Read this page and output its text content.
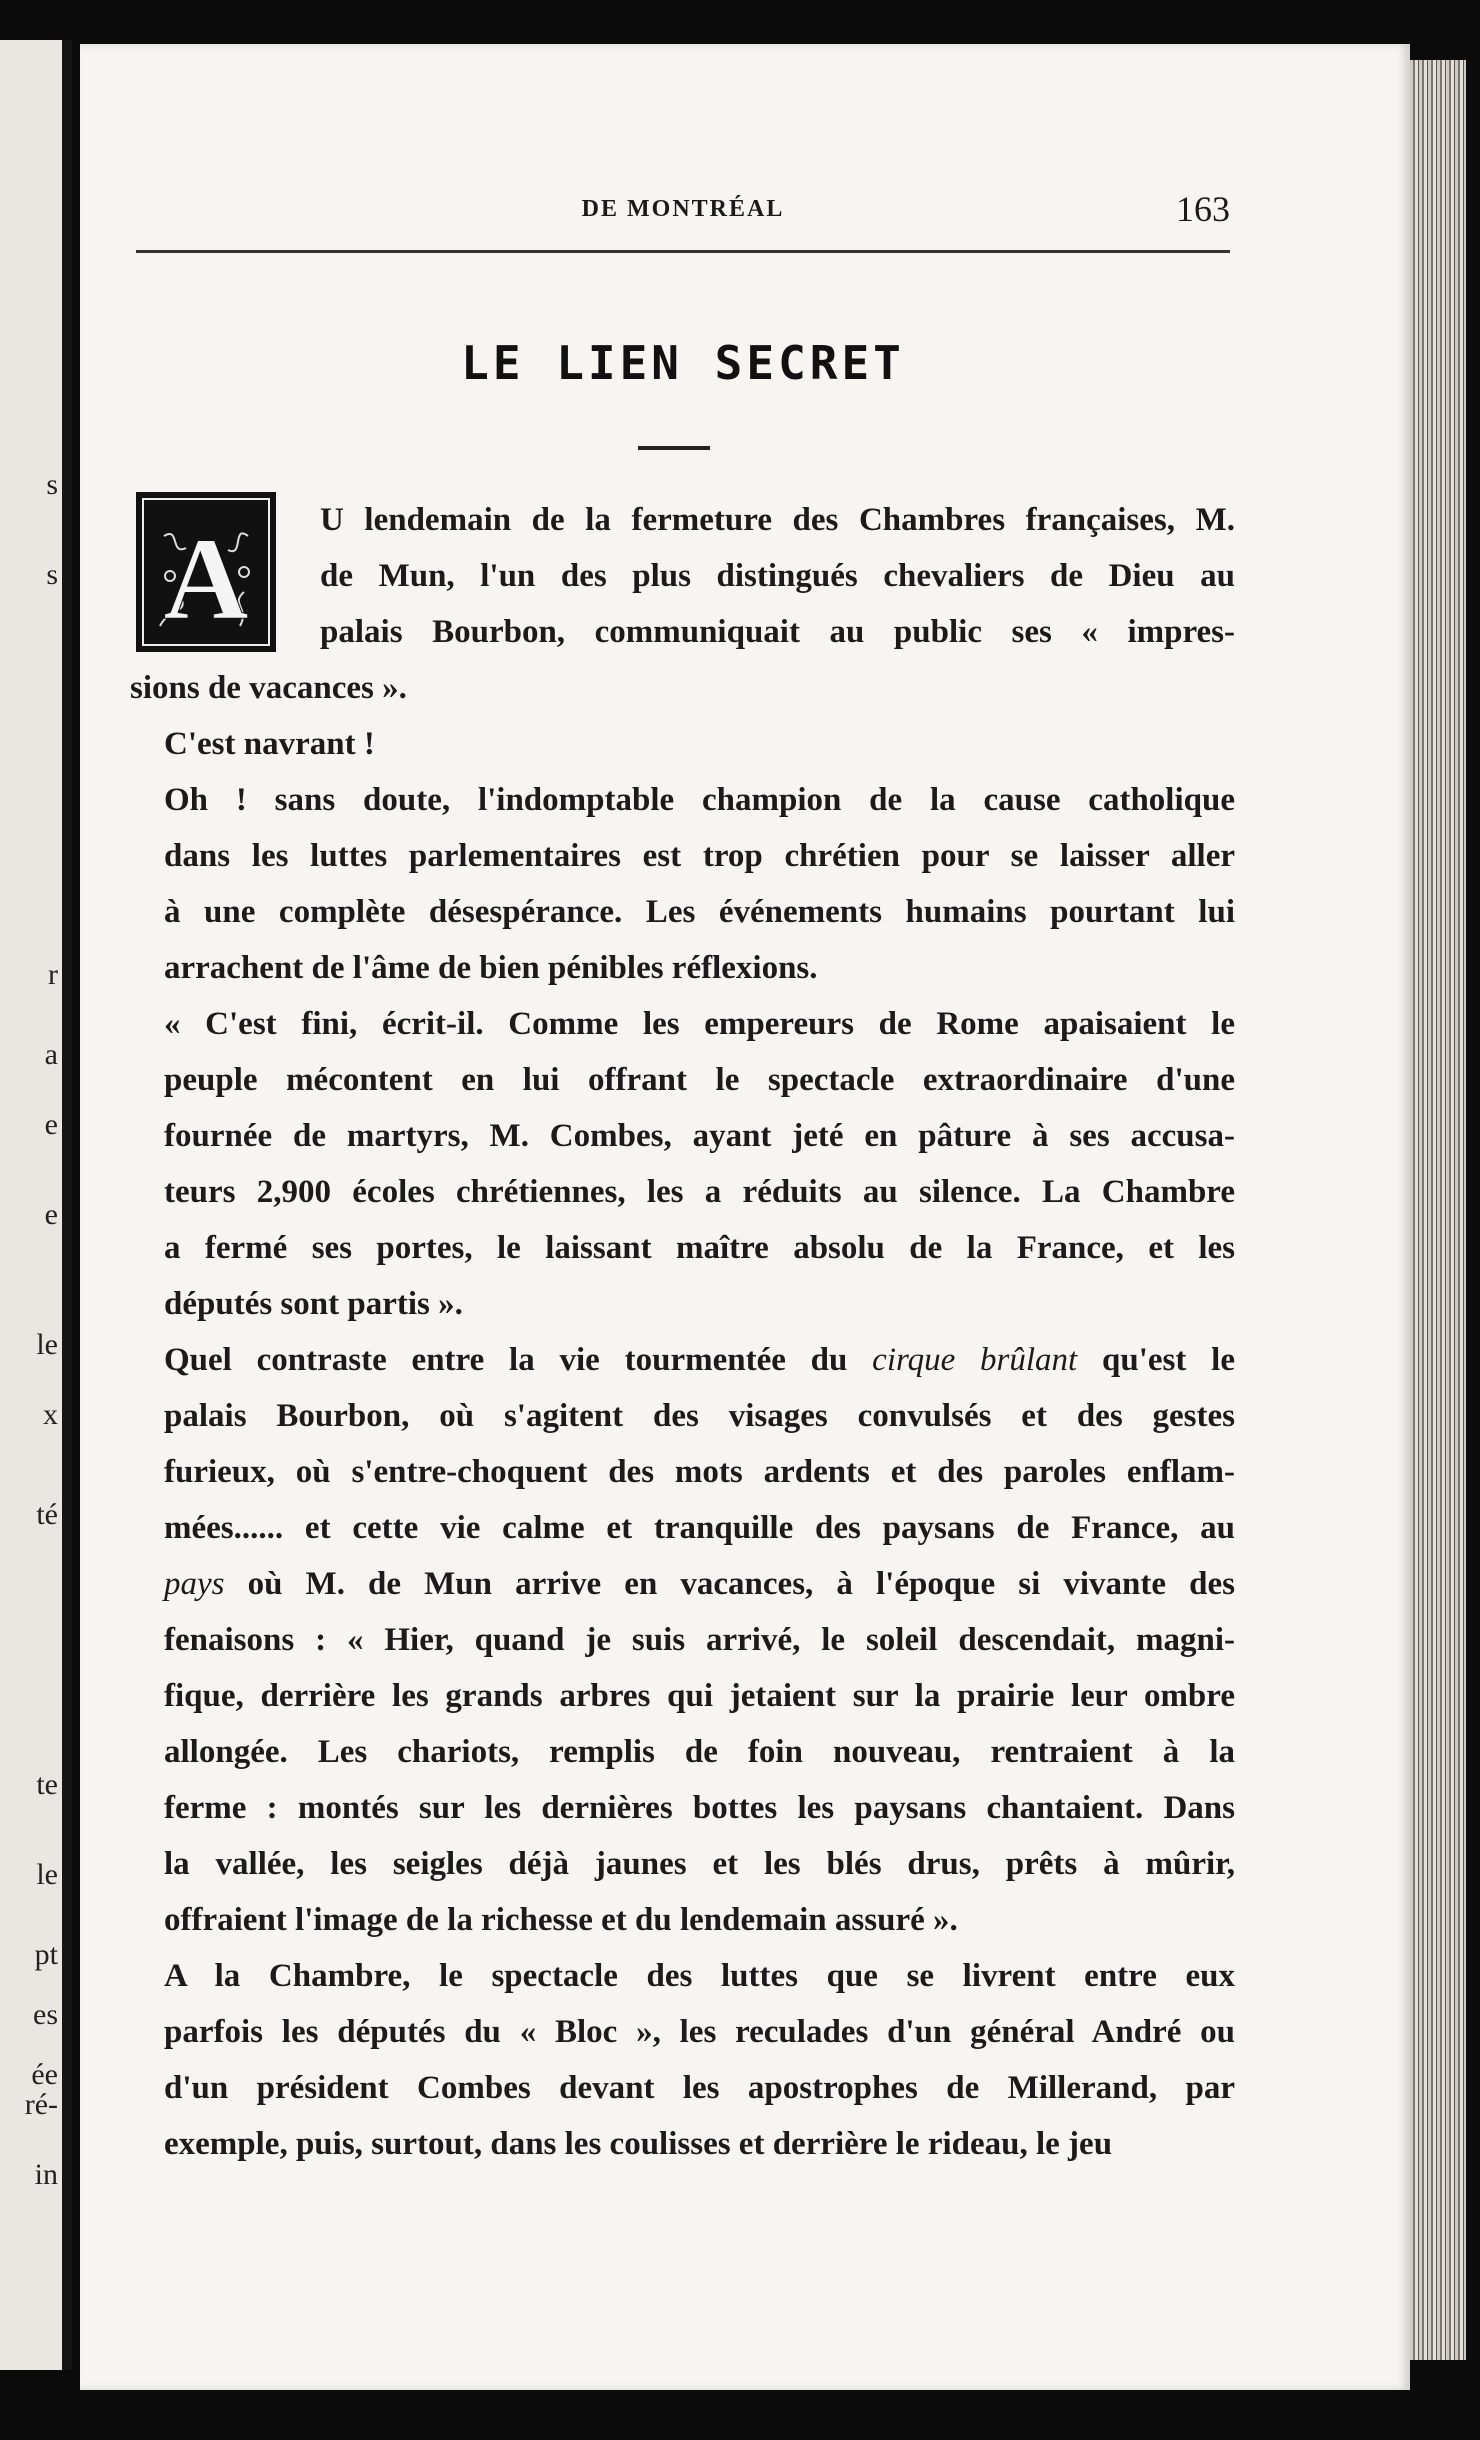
DE MONTRÉAL	163
LE LIEN SECRET
A	U lendemain de la fermeture des Chambres françaises, M.
de Mun, l'un des plus distingués chevaliers de Dieu au
palais Bourbon, communiquait au public ses « impres-
sions de vacances ».

C'est navrant !

Oh ! sans doute, l'indomptable champion de la cause catholique
dans les luttes parlementaires est trop chrétien pour se laisser aller
à une complète désespérance. Les événements humains pourtant lui
arrachent de l'âme de bien pénibles réflexions.

« C'est fini, écrit-il. Comme les empereurs de Rome apaisaient le
peuple mécontent en lui offrant le spectacle extraordinaire d'une
fournée de martyrs, M. Combes, ayant jeté en pâture à ses accusa-
teurs 2,900 écoles chrétiennes, les a réduits au silence. La Chambre
a fermé ses portes, le laissant maître absolu de la France, et les
députés sont partis ».

Quel contraste entre la vie tourmentée du cirque brûlant qu'est le
palais Bourbon, où s'agitent des visages convulsés et des gestes
furieux, où s'entre-choquent des mots ardents et des paroles enflam-
mées...... et cette vie calme et tranquille des paysans de France, au
pays où M. de Mun arrive en vacances, à l'époque si vivante des
fenaisons : « Hier, quand je suis arrivé, le soleil descendait, magni-
fique, derrière les grands arbres qui jetaient sur la prairie leur ombre
allongée. Les chariots, remplis de foin nouveau, rentraient à la
ferme : montés sur les dernières bottes les paysans chantaient. Dans
la vallée, les seigles déjà jaunes et les blés drus, prêts à mûrir,
offraient l'image de la richesse et du lendemain assuré ».

A la Chambre, le spectacle des luttes que se livrent entre eux
parfois les députés du « Bloc », les reculades d'un général André ou
d'un président Combes devant les apostrophes de Millerand, par
exemple, puis, surtout, dans les coulisses et derrière le rideau, le jeu

s
s
r
a
e
e
le
x
té
te
le
pt
es
ée
ré-
in
